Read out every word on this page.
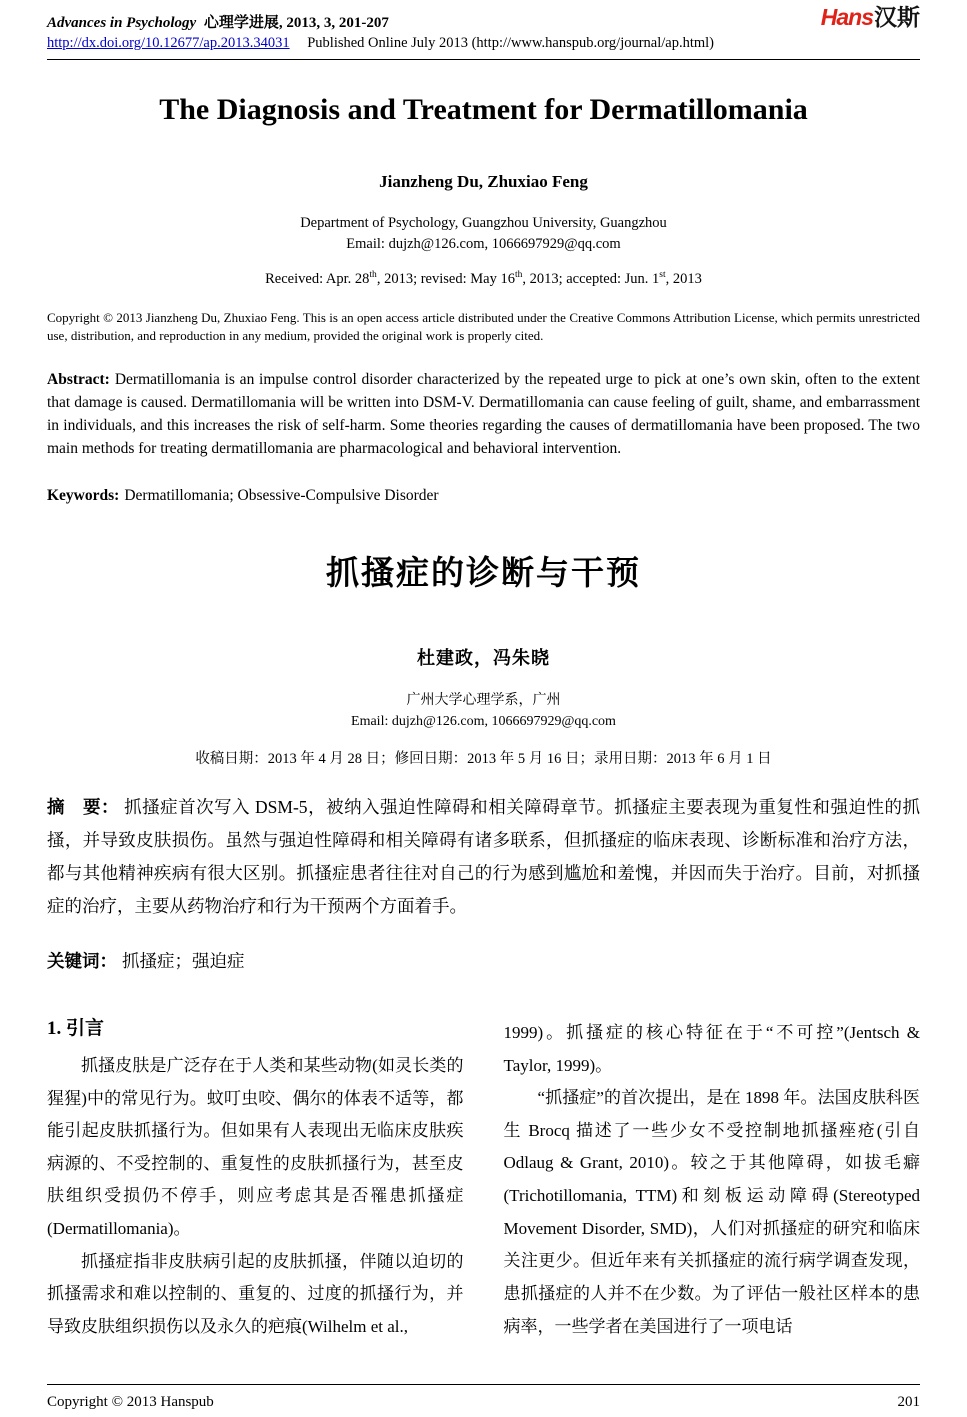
Advances in Psychology 心理学进展, 2013, 3, 201-207	Hans汉斯
http://dx.doi.org/10.12677/ap.2013.34031 Published Online July 2013 (http://www.hanspub.org/journal/ap.html)
The Diagnosis and Treatment for Dermatillomania

Jianzheng Du, Zhuxiao Feng

Department of Psychology, Guangzhou University, Guangzhou
Email: dujzh@126.com, 1066697929@qq.com

Received: Apr. 28th, 2013; revised: May 16th, 2013; accepted: Jun. 1st, 2013

Copyright © 2013 Jianzheng Du, Zhuxiao Feng. This is an open access article distributed under the Creative Commons Attribution License, which permits unrestricted use, distribution, and reproduction in any medium, provided the original work is properly cited.

Abstract: Dermatillomania is an impulse control disorder characterized by the repeated urge to pick at one’s own skin, often to the extent that damage is caused. Dermatillomania will be written into DSM-V. Dermatillomania can cause feeling of guilt, shame, and embarrassment in individuals, and this increases the risk of self-harm. Some theories regarding the causes of dermatillomania have been proposed. The two main methods for treating dermatillomania are pharmacological and behavioral intervention.

Keywords: Dermatillomania; Obsessive-Compulsive Disorder

抓搔症的诊断与干预

杜建政，冯朱晓

广州大学心理学系，广州
Email: dujzh@126.com, 1066697929@qq.com

收稿日期：2013 年 4 月 28 日；修回日期：2013 年 5 月 16 日；录用日期：2013 年 6 月 1 日

摘　要： 抓搔症首次写入 DSM-5，被纳入强迫性障碍和相关障碍章节。抓搔症主要表现为重复性和强迫性的抓搔，并导致皮肤损伤。虽然与强迫性障碍和相关障碍有诸多联系，但抓搔症的临床表现、诊断标准和治疗方法，都与其他精神疾病有很大区别。抓搔症患者往往对自己的行为感到尴尬和羞愧，并因而失于治疗。目前，对抓搔症的治疗，主要从药物治疗和行为干预两个方面着手。

关键词： 抓搔症；强迫症

1. 引言

抓搔皮肤是广泛存在于人类和某些动物(如灵长类的猩猩)中的常见行为。蚊叮虫咬、偶尔的体表不适等，都能引起皮肤抓搔行为。但如果有人表现出无临床皮肤疾病源的、不受控制的、重复性的皮肤抓搔行为，甚至皮肤组织受损仍不停手，则应考虑其是否罹患抓搔症(Dermatillomania)。

抓搔症指非皮肤病引起的皮肤抓搔，伴随以迫切的抓搔需求和难以控制的、重复的、过度的抓搔行为，并导致皮肤组织损伤以及永久的疤痕(Wilhelm et al.,

1999)。抓搔症的核心特征在于“不可控”(Jentsch & Taylor, 1999)。

“抓搔症”的首次提出，是在 1898 年。法国皮肤科医生 Brocq 描述了一些少女不受控制地抓搔痤疮(引自 Odlaug & Grant, 2010)。较之于其他障碍，如拔毛癖(Trichotillomania, TTM)和刻板运动障碍(Stereotyped Movement Disorder, SMD)，人们对抓搔症的研究和临床关注更少。但近年来有关抓搔症的流行病学调查发现，患抓搔症的人并不在少数。为了评估一般社区样本的患病率，一些学者在美国进行了一项电话

Copyright © 2013 Hanspub	201
